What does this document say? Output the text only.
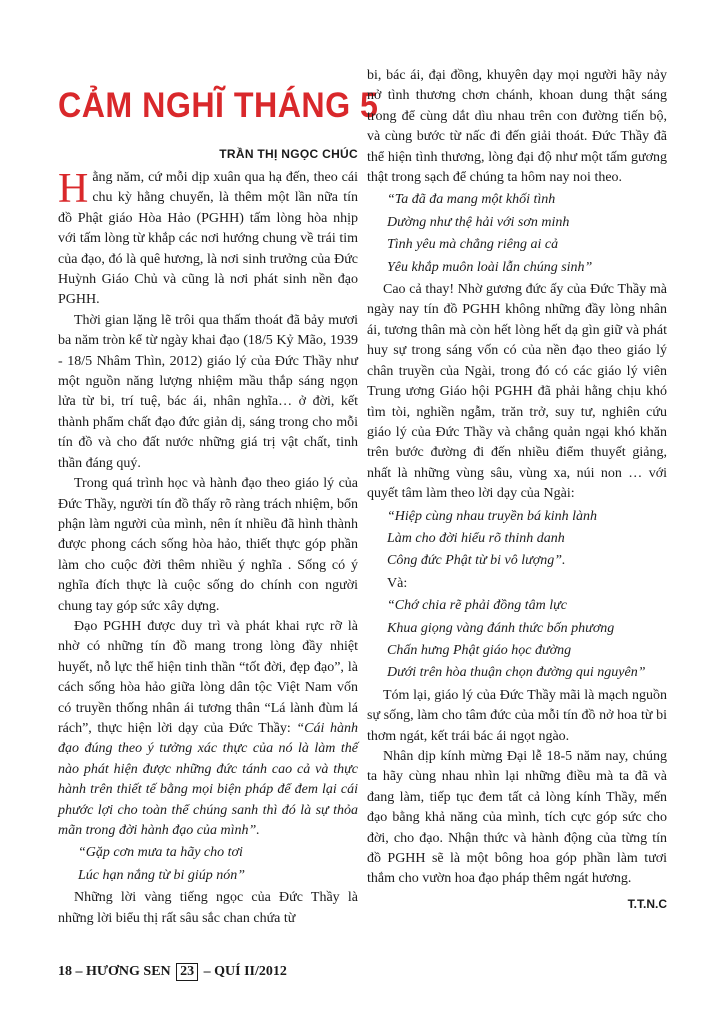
CẢM NGHĨ THÁNG 5
TRẦN THỊ NGỌC CHÚC

Hằng năm, cứ mỗi dịp xuân qua hạ đến, theo cái chu kỳ hằng chuyển, là thêm một lần nữa tín đồ Phật giáo Hòa Hảo (PGHH) tấm lòng hòa nhịp với tấm lòng từ khắp các nơi hướng chung về trái tim của đạo, đó là quê hương, là nơi sinh trưởng của Đức Huỳnh Giáo Chủ và cũng là nơi phát sinh nền đạo PGHH.

Thời gian lặng lẽ trôi qua thấm thoát đã bảy mươi ba năm tròn kể từ ngày khai đạo (18/5 Kỷ Mão, 1939 - 18/5 Nhâm Thìn, 2012) giáo lý của Đức Thầy như một nguồn năng lượng nhiệm mầu thắp sáng ngọn lửa từ bi, trí tuệ, bác ái, nhân nghĩa… ở đời, kết thành phẩm chất đạo đức giản dị, sáng trong cho mỗi tín đồ và cho đất nước những giá trị vật chất, tinh thần đáng quý.

Trong quá trình học và hành đạo theo giáo lý của Đức Thầy, người tín đồ thấy rõ ràng trách nhiệm, bổn phận làm người của mình, nên ít nhiều đã hình thành được phong cách sống hòa hảo, thiết thực góp phần làm cho cuộc đời thêm nhiều ý nghĩa . Sống có ý nghĩa đích thực là cuộc sống do chính con người chung tay góp sức xây dựng.

Đạo PGHH được duy trì và phát khai rực rỡ là nhờ có những tín đồ mang trong lòng đầy nhiệt huyết, nỗ lực thể hiện tinh thần “tốt đời, đẹp đạo”, là cách sống hòa hảo giữa lòng dân tộc Việt Nam vốn có truyền thống nhân ái tương thân “Lá lành đùm lá rách”, thực hiện lời dạy của Đức Thầy: “Cái hành đạo đúng theo ý tưởng xác thực của nó là làm thế nào phát hiện được những đức tánh cao cả và thực hành trên thiết tế bằng mọi biện pháp để đem lại cái phước lợi cho toàn thể chúng sanh thì đó là sự thỏa mãn trong đời hành đạo của mình”.

“Gặp cơn mưa ta hãy cho tơi

Lúc hạn nắng từ bi giúp nón”

Những lời vàng tiếng ngọc của Đức Thầy là những lời biểu thị rất sâu sắc chan chứa từ

bi, bác ái, đại đồng, khuyên dạy mọi người hãy nảy nở tình thương chơn chánh, khoan dung thật sáng trong để cùng dắt dìu nhau trên con đường tiến bộ, và cùng bước từ nấc đi đến giải thoát. Đức Thầy đã thể hiện tình thương, lòng đại độ như một tấm gương thật trong sạch để chúng ta hôm nay noi theo.

“Ta đã đa mang một khối tình

Dường như thệ hải với sơn minh

Tình yêu mà chẳng riêng ai cả

Yêu khắp muôn loài lẫn chúng sinh”

Cao cả thay! Nhờ gương đức ấy của Đức Thầy mà ngày nay tín đồ PGHH không những đầy lòng nhân ái, tương thân mà còn hết lòng hết dạ gìn giữ và phát huy sự trong sáng vốn có của nền đạo theo giáo lý chân truyền của Ngài, trong đó có các giáo lý viên Trung ương Giáo hội PGHH đã phải hằng chịu khó tìm tòi, nghiền ngẫm, trăn trở, suy tư, nghiên cứu giáo lý của Đức Thầy và chẳng quản ngại khó khăn trên bước đường đi đến nhiều điểm thuyết giảng, nhất là những vùng sâu, vùng xa, núi non … với quyết tâm làm theo lời dạy của Ngài:

“Hiệp cùng nhau truyền bá kinh lành

Làm cho đời hiểu rõ thinh danh

Công đức Phật từ bi vô lượng”.

Và:

“Chớ chia rẽ phải đồng tâm lực

Khua giọng vàng đánh thức bốn phương

Chấn hưng Phật giáo học đường

Dưới trên hòa thuận chọn đường qui nguyên”

Tóm lại, giáo lý của Đức Thầy mãi là mạch nguồn sự sống, làm cho tâm đức của mỗi tín đồ nở hoa từ bi thơm ngát, kết trái bác ái ngọt ngào.

Nhân dịp kính mừng Đại lễ 18-5 năm nay, chúng ta hãy cùng nhau nhìn lại những điều mà ta đã và đang làm, tiếp tục đem tất cả lòng kính Thầy, mến đạo bằng khả năng của mình, tích cực góp sức cho đời, cho đạo. Nhận thức và hành động của từng tín đồ PGHH sẽ là một bông hoa góp phần làm tươi thắm cho vườn hoa đạo pháp thêm ngát hương.

T.T.N.C

18 – HƯƠNG SEN 23 – QUÍ II/2012
